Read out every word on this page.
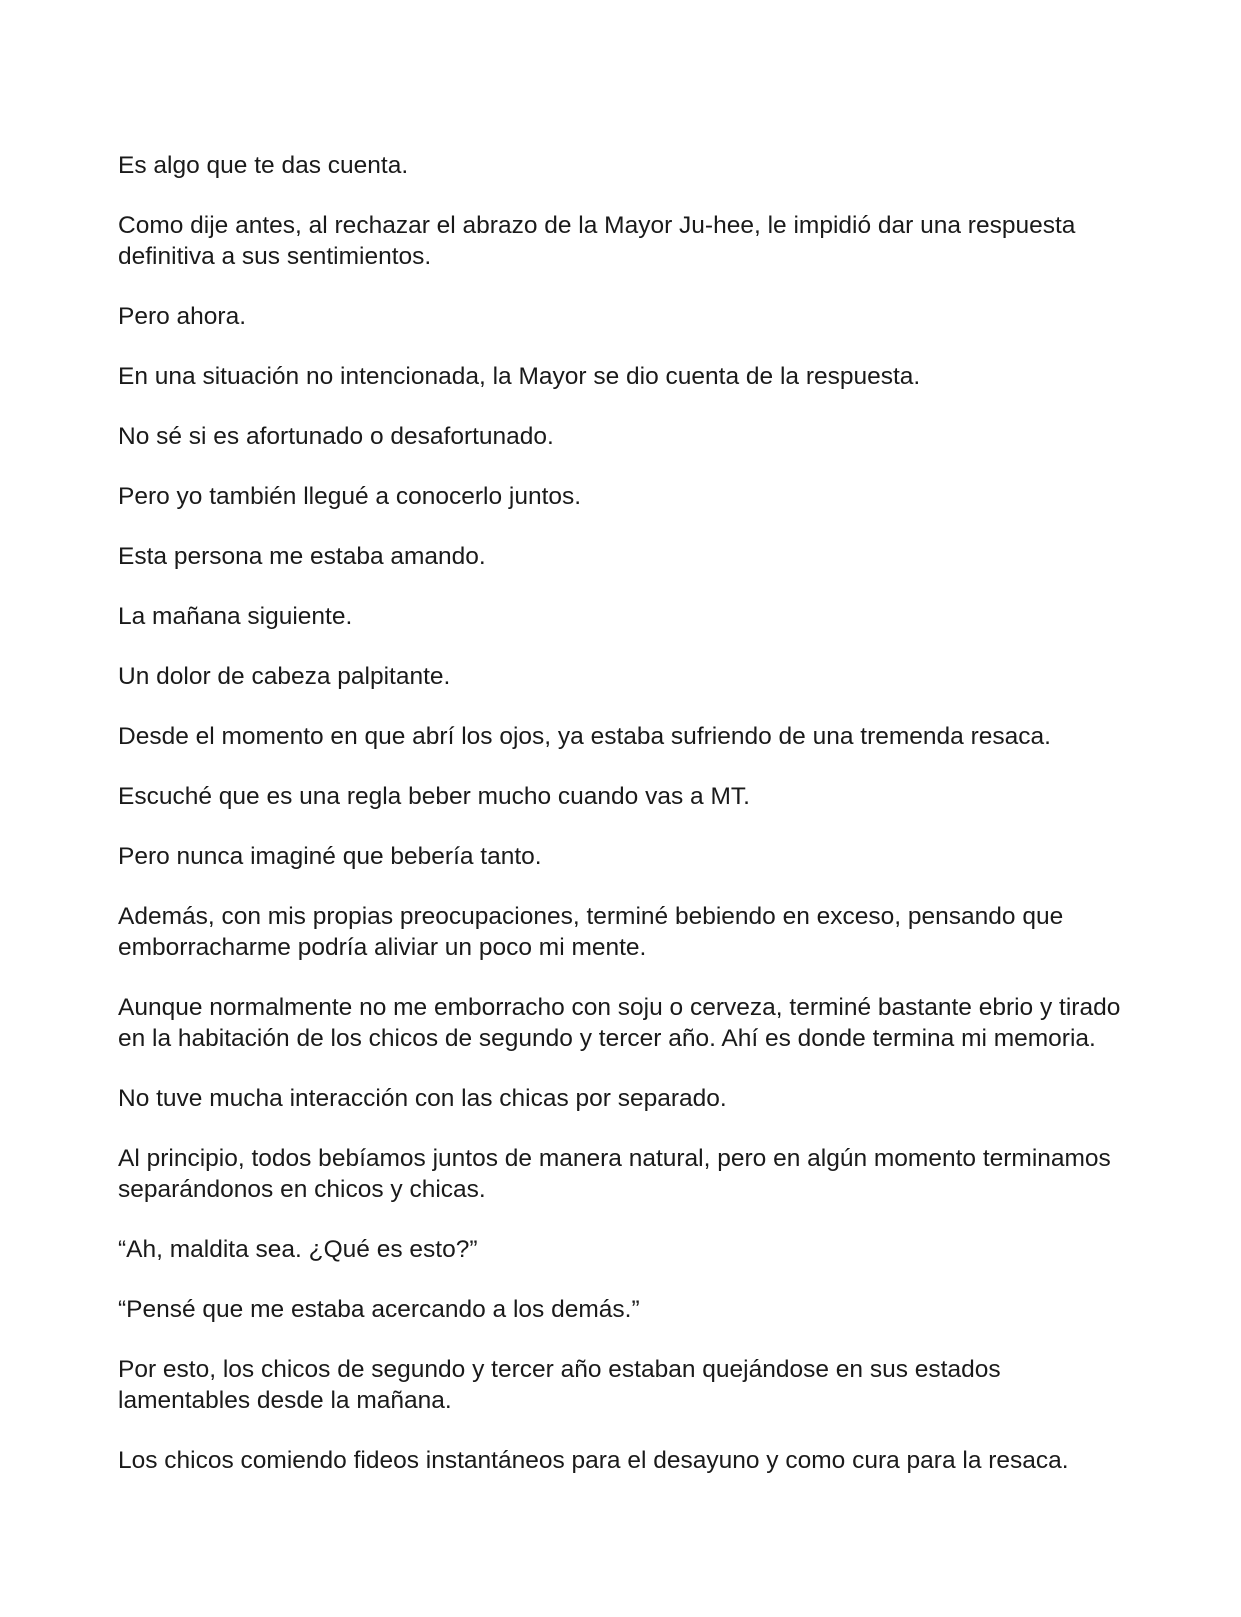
Es algo que te das cuenta.

Como dije antes, al rechazar el abrazo de la Mayor Ju-hee, le impidió dar una respuesta definitiva a sus sentimientos.

Pero ahora.

En una situación no intencionada, la Mayor se dio cuenta de la respuesta.

No sé si es afortunado o desafortunado.

Pero yo también llegué a conocerlo juntos.

Esta persona me estaba amando.

La mañana siguiente.

Un dolor de cabeza palpitante.

Desde el momento en que abrí los ojos, ya estaba sufriendo de una tremenda resaca.

Escuché que es una regla beber mucho cuando vas a MT.

Pero nunca imaginé que bebería tanto.

Además, con mis propias preocupaciones, terminé bebiendo en exceso, pensando que emborracharme podría aliviar un poco mi mente.

Aunque normalmente no me emborracho con soju o cerveza, terminé bastante ebrio y tirado en la habitación de los chicos de segundo y tercer año. Ahí es donde termina mi memoria.

No tuve mucha interacción con las chicas por separado.

Al principio, todos bebíamos juntos de manera natural, pero en algún momento terminamos separándonos en chicos y chicas.

“Ah, maldita sea. ¿Qué es esto?”

“Pensé que me estaba acercando a los demás.”

Por esto, los chicos de segundo y tercer año estaban quejándose en sus estados lamentables desde la mañana.

Los chicos comiendo fideos instantáneos para el desayuno y como cura para la resaca.
